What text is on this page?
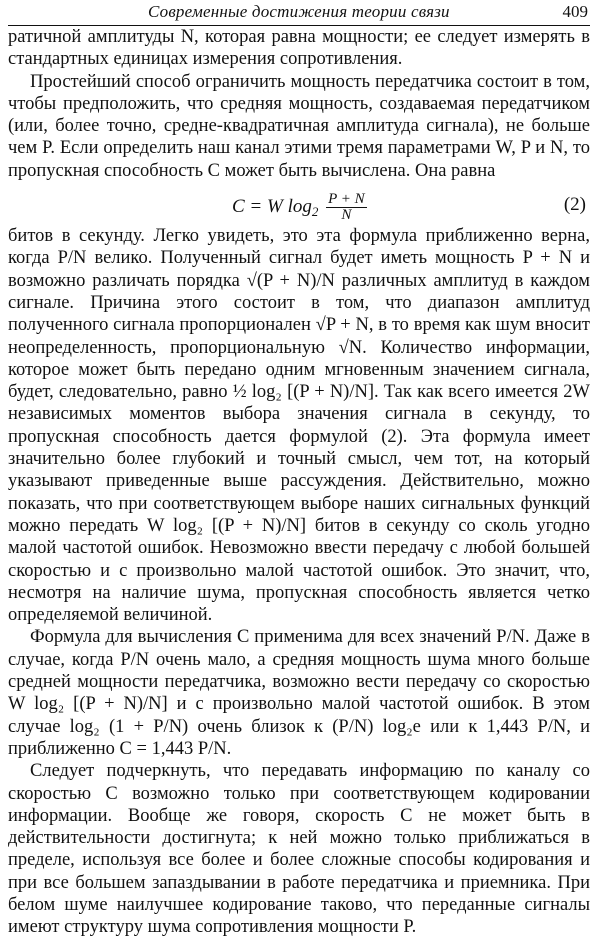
Современные достижения теории связи	409

ратичной амплитуды N, которая равна мощности; ее следует измерять в стандартных единицах измерения сопротивления.

Простейший способ ограничить мощность передатчика состоит в том, чтобы предположить, что средняя мощность, создаваемая передатчиком (или, более точно, средне-квадратичная амплитуда сигнала), не больше чем P. Если определить наш канал этими тремя параметрами W, P и N, то пропускная способность C может быть вычислена. Она равна

C = W $\log_2 \frac{P + N}{N}$	(2)

битов в секунду. Легко увидеть, это эта формула приближенно верна, когда P/N велико. Полученный сигнал будет иметь мощность P + N и возможно различать порядка √(P + N)/N различных амплитуд в каждом сигнале. Причина этого состоит в том, что диапазон амплитуд полученного сигнала пропорционален √P + N, в то время как шум вносит неопределенность, пропорциональную √N. Количество информации, которое может быть передано одним мгновенным значением сигнала, будет, следовательно, равно ½ log₂ [(P + N)/N]. Так как всего имеется 2W независимых моментов выбора значения сигнала в секунду, то пропускная способность дается формулой (2). Эта формула имеет значительно более глубокий и точный смысл, чем тот, на который указывают приведенные выше рассуждения. Действительно, можно показать, что при соответствующем выборе наших сигнальных функций можно передать W log₂ [(P + N)/N] битов в секунду со сколь угодно малой частотой ошибок. Невозможно ввести передачу с любой большей скоростью и с произвольно малой частотой ошибок. Это значит, что, несмотря на наличие шума, пропускная способность является четко определяемой величиной.

Формула для вычисления C применима для всех значений P/N. Даже в случае, когда P/N очень мало, а средняя мощность шума много больше средней мощности передатчика, возможно вести передачу со скоростью W log₂ [(P + N)/N] и с произвольно малой частотой ошибок. В этом случае log₂ (1 + P/N) очень близок к (P/N) log₂e или к 1,443 P/N, и приближенно C = 1,443 P/N.

Следует подчеркнуть, что передавать информацию по каналу со скоростью C возможно только при соответствующем кодировании информации. Вообще же говоря, скорость C не может быть в действительности достигнута; к ней можно только приближаться в пределе, используя все более и более сложные способы кодирования и при все большем запаздывании в работе передатчика и приемника. При белом шуме наилучшее кодирование таково, что переданные сигналы имеют структуру шума сопротивления мощности P.
